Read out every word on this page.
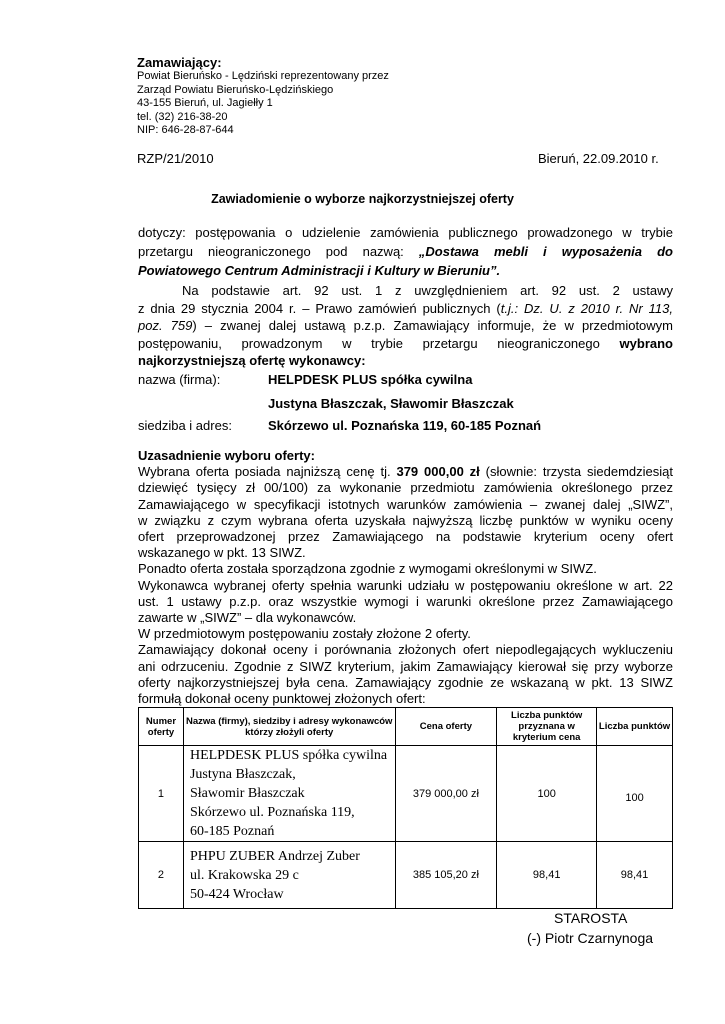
Zamawiający:
Powiat Bieruńsko - Lędziński reprezentowany przez
Zarząd Powiatu Bieruńsko-Lędzińskiego
43-155 Bieruń, ul. Jagiełły 1
tel. (32) 216-38-20
NIP: 646-28-87-644
RZP/21/2010	Bieruń, 22.09.2010 r.
Zawiadomienie o wyborze najkorzystniejszej oferty
dotyczy: postępowania o udzielenie zamówienia publicznego prowadzonego w trybie
przetargu nieograniczonego pod nazwą: „Dostawa mebli i wyposażenia do
Powiatowego Centrum Administracji i Kultury w Bieruniu”.
Na podstawie art. 92 ust. 1 z uwzględnieniem art. 92 ust. 2 ustawy
z dnia 29 stycznia 2004 r. – Prawo zamówień publicznych (t.j.: Dz. U. z 2010 r. Nr 113,
poz. 759) – zwanej dalej ustawą p.z.p. Zamawiający informuje, że w przedmiotowym
postępowaniu, prowadzonym w trybie przetargu nieograniczonego wybrano
najkorzystniejszą ofertę wykonawcy:
nazwa (firma):	HELPDESK PLUS spółka cywilna
Justyna Błaszczak, Sławomir Błaszczak
siedziba i adres:	Skórzewo ul. Poznańska 119, 60-185 Poznań
Uzasadnienie wyboru oferty:
Wybrana oferta posiada najniższą cenę tj. 379 000,00 zł (słownie: trzysta siedemdziesiąt
dziewięć tysięcy zł 00/100) za wykonanie przedmiotu zamówienia określonego przez
Zamawiającego w specyfikacji istotnych warunków zamówienia – zwanej dalej „SIWZ”,
w związku z czym wybrana oferta uzyskała najwyższą liczbę punktów w wyniku oceny
ofert przeprowadzonej przez Zamawiającego na podstawie kryterium oceny ofert
wskazanego w pkt. 13 SIWZ.
Ponadto oferta została sporządzona zgodnie z wymogami określonymi w SIWZ.
Wykonawca wybranej oferty spełnia warunki udziału w postępowaniu określone w art. 22
ust. 1 ustawy p.z.p. oraz wszystkie wymogi i warunki określone przez Zamawiającego
zawarte w „SIWZ” – dla wykonawców.
W przedmiotowym postępowaniu zostały złożone 2 oferty.
Zamawiający dokonał oceny i porównania złożonych ofert niepodlegających wykluczeniu
ani odrzuceniu. Zgodnie z SIWZ kryterium, jakim Zamawiający kierował się przy wyborze
oferty najkorzystniejszej była cena. Zamawiający zgodnie ze wskazaną w pkt. 13 SIWZ
formułą dokonał oceny punktowej złożonych ofert:
Numer oferty	Nazwa (firmy), siedziby i adresy wykonawców którzy złożyli oferty	Cena oferty	Liczba punktów przyznana w kryterium cena	Liczba punktów
1	HELPDESK PLUS spółka cywilna
Justyna Błaszczak,
Sławomir Błaszczak
Skórzewo ul. Poznańska 119,
60-185 Poznań	379 000,00 zł	100	100
2	PHPU ZUBER Andrzej Zuber
ul. Krakowska 29 c
50-424 Wrocław	385 105,20 zł	98,41	98,41
STAROSTA
(-) Piotr Czarnynoga
